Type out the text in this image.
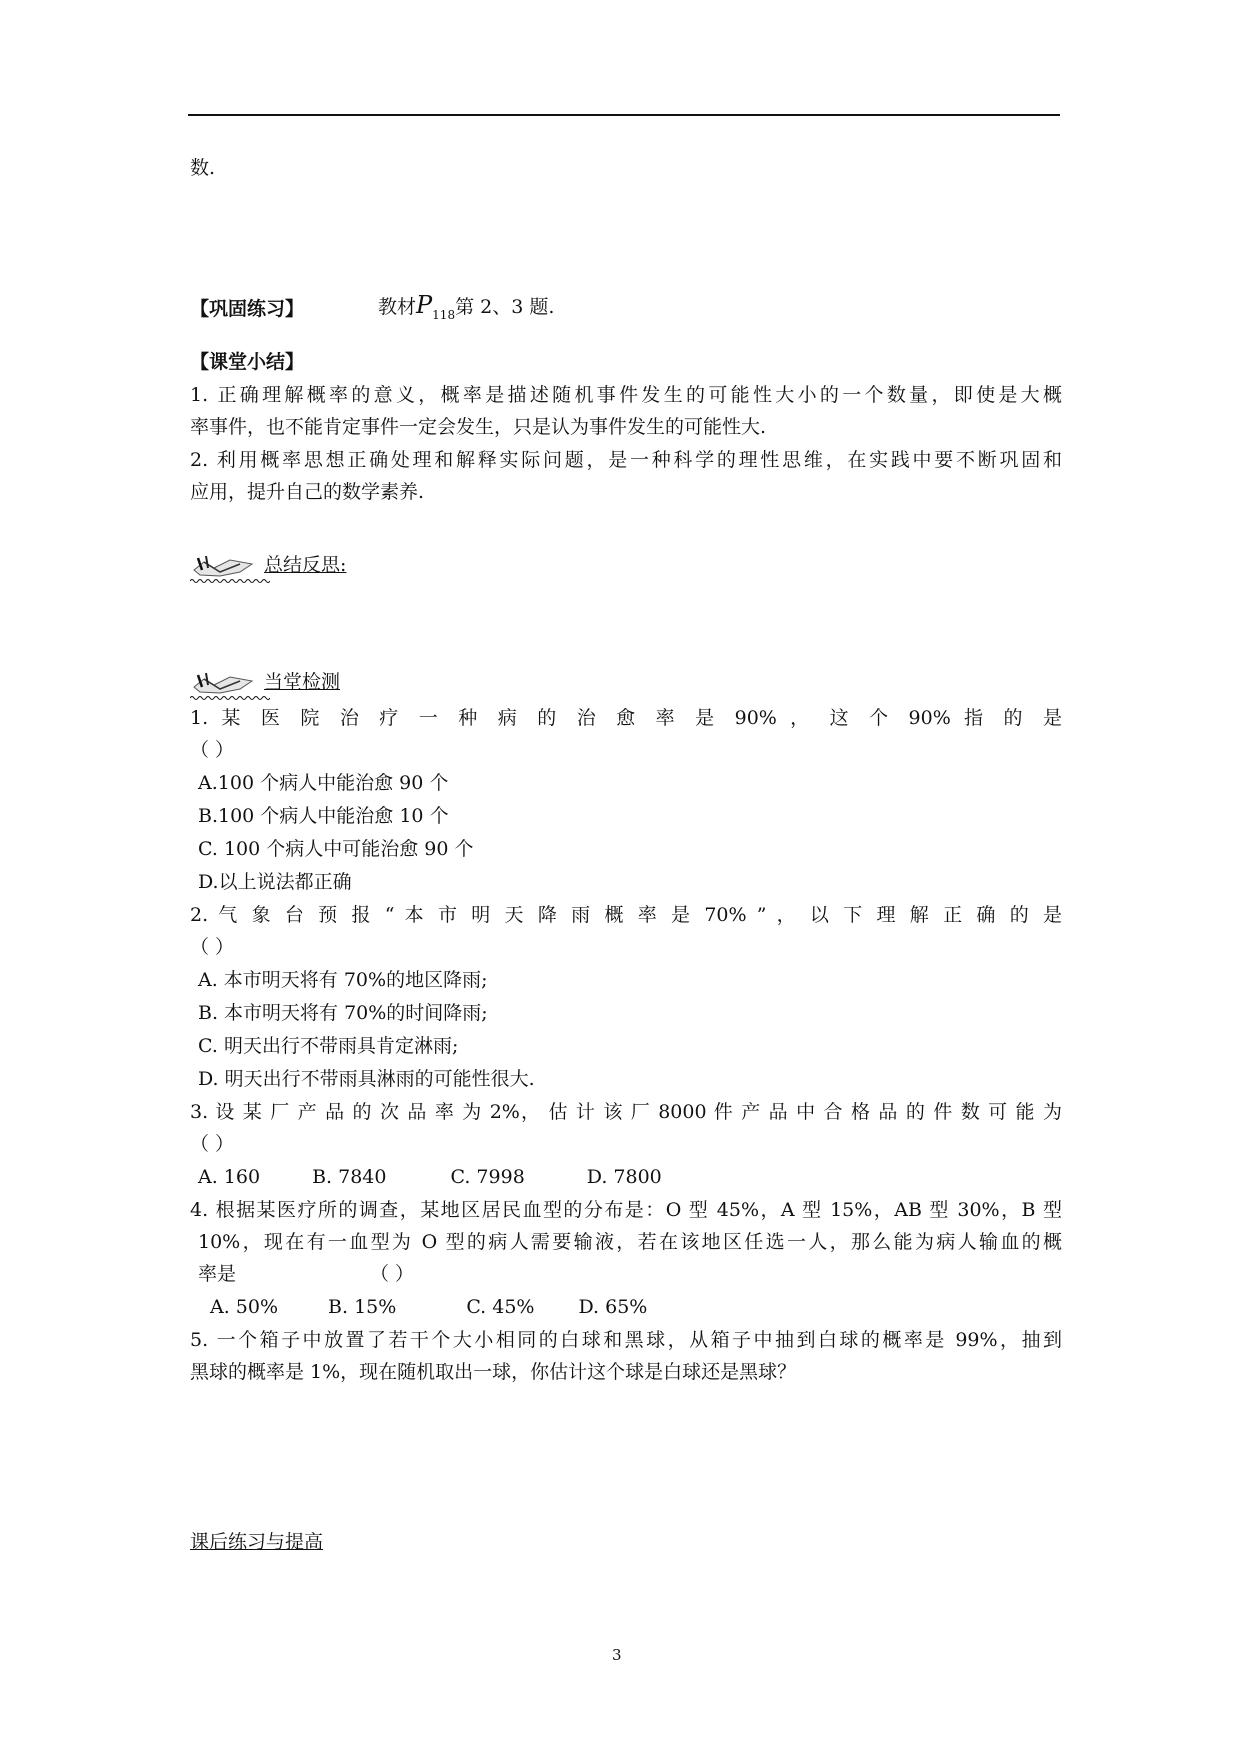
数.
【巩固练习】	教材$P_{118}$第 2、3 题.
【课堂小结】
1. 正确理解概率的意义，概率是描述随机事件发生的可能性大小的一个数量，即使是大概
率事件，也不能肯定事件一定会发生，只是认为事件发生的可能性大.
2. 利用概率思想正确处理和解释实际问题，是一种科学的理性思维，在实践中要不断巩固和
应用，提升自己的数学素养.
总结反思:
当堂检测
1. 某 医 院 治 疗 一 种 病 的 治 愈 率 是 90% ， 这 个 90% 指 的 是
（ ）
A.100 个病人中能治愈 90 个
B.100 个病人中能治愈 10 个
C. 100 个病人中可能治愈 90 个
D.以上说法都正确
2. 气 象 台 预 报 “ 本 市 明 天 降 雨 概 率 是 70% ” ， 以 下 理 解 正 确 的 是
（ ）
A. 本市明天将有 70%的地区降雨;
B. 本市明天将有 70%的时间降雨;
C. 明天出行不带雨具肯定淋雨;
D. 明天出行不带雨具淋雨的可能性很大.
3. 设 某 厂 产 品 的 次 品 率 为 2%， 估 计 该 厂 8000 件 产 品 中 合 格 品 的 件 数 可 能 为
（ ）
A. 160	B. 7840	C. 7998	D. 7800
4. 根据某医疗所的调查，某地区居民血型的分布是：O 型 45%，A 型 15%，AB 型 30%，B 型
10%，现在有一血型为 O 型的病人需要输液，若在该地区任选一人，那么能为病人输血的概
率是	（ ）
A. 50%	B. 15%	C. 45% D. 65%
5. 一个箱子中放置了若干个大小相同的白球和黑球，从箱子中抽到白球的概率是 99%，抽到
黑球的概率是 1%，现在随机取出一球，你估计这个球是白球还是黑球？
课后练习与提高
3
